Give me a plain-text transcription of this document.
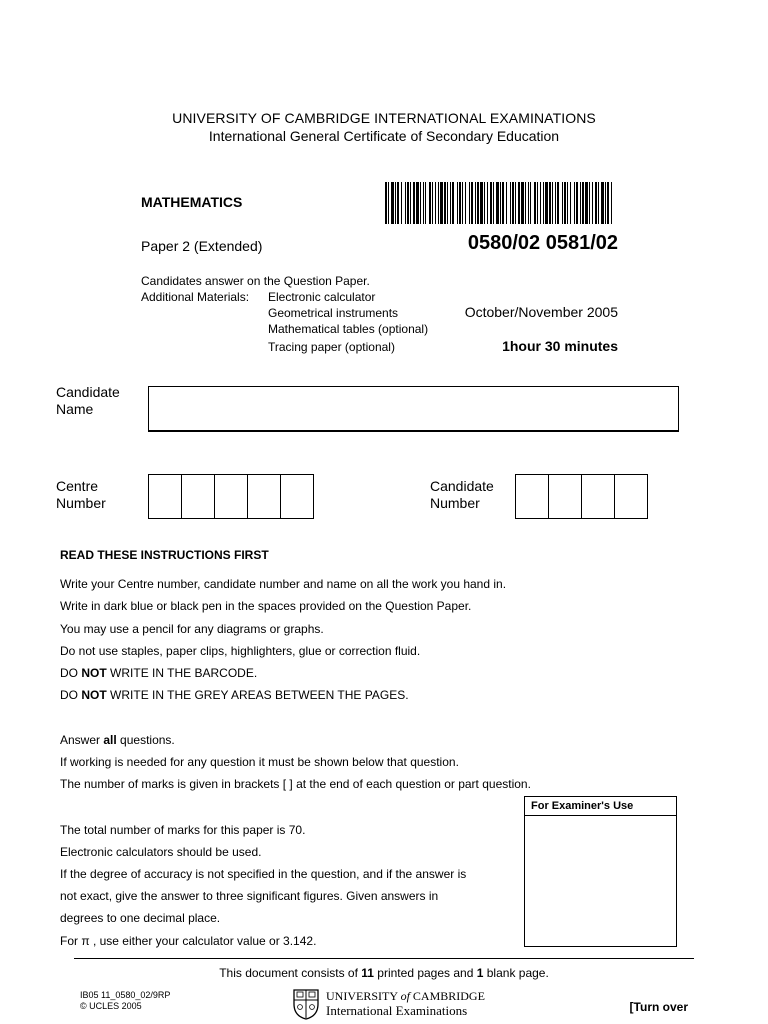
UNIVERSITY OF CAMBRIDGE INTERNATIONAL EXAMINATIONS
International General Certificate of Secondary Education
MATHEMATICS
Paper 2 (Extended)	0580/02 0581/02
Candidates answer on the Question Paper.
Additional Materials: Electronic calculator
Geometrical instruments
Mathematical tables (optional)
Tracing paper (optional)
October/November 2005
1hour 30 minutes
Candidate
Name
Centre
Number
Candidate
Number
READ THESE INSTRUCTIONS FIRST
Write your Centre number, candidate number and name on all the work you hand in.
Write in dark blue or black pen in the spaces provided on the Question Paper.
You may use a pencil for any diagrams or graphs.
Do not use staples, paper clips, highlighters, glue or correction fluid.
DO NOT WRITE IN THE BARCODE.
DO NOT WRITE IN THE GREY AREAS BETWEEN THE PAGES.
Answer all questions.
If working is needed for any question it must be shown below that question.
The number of marks is given in brackets [ ] at the end of each question or part question.
The total number of marks for this paper is 70.
Electronic calculators should be used.
If the degree of accuracy is not specified in the question, and if the answer is
not exact, give the answer to three significant figures. Given answers in
degrees to one decimal place.
For π , use either your calculator value or 3.142.
For Examiner's Use
This document consists of 11 printed pages and 1 blank page.
IB05 11_0580_02/9RP
© UCLES 2005
UNIVERSITY of CAMBRIDGE
International Examinations	[Turn over
